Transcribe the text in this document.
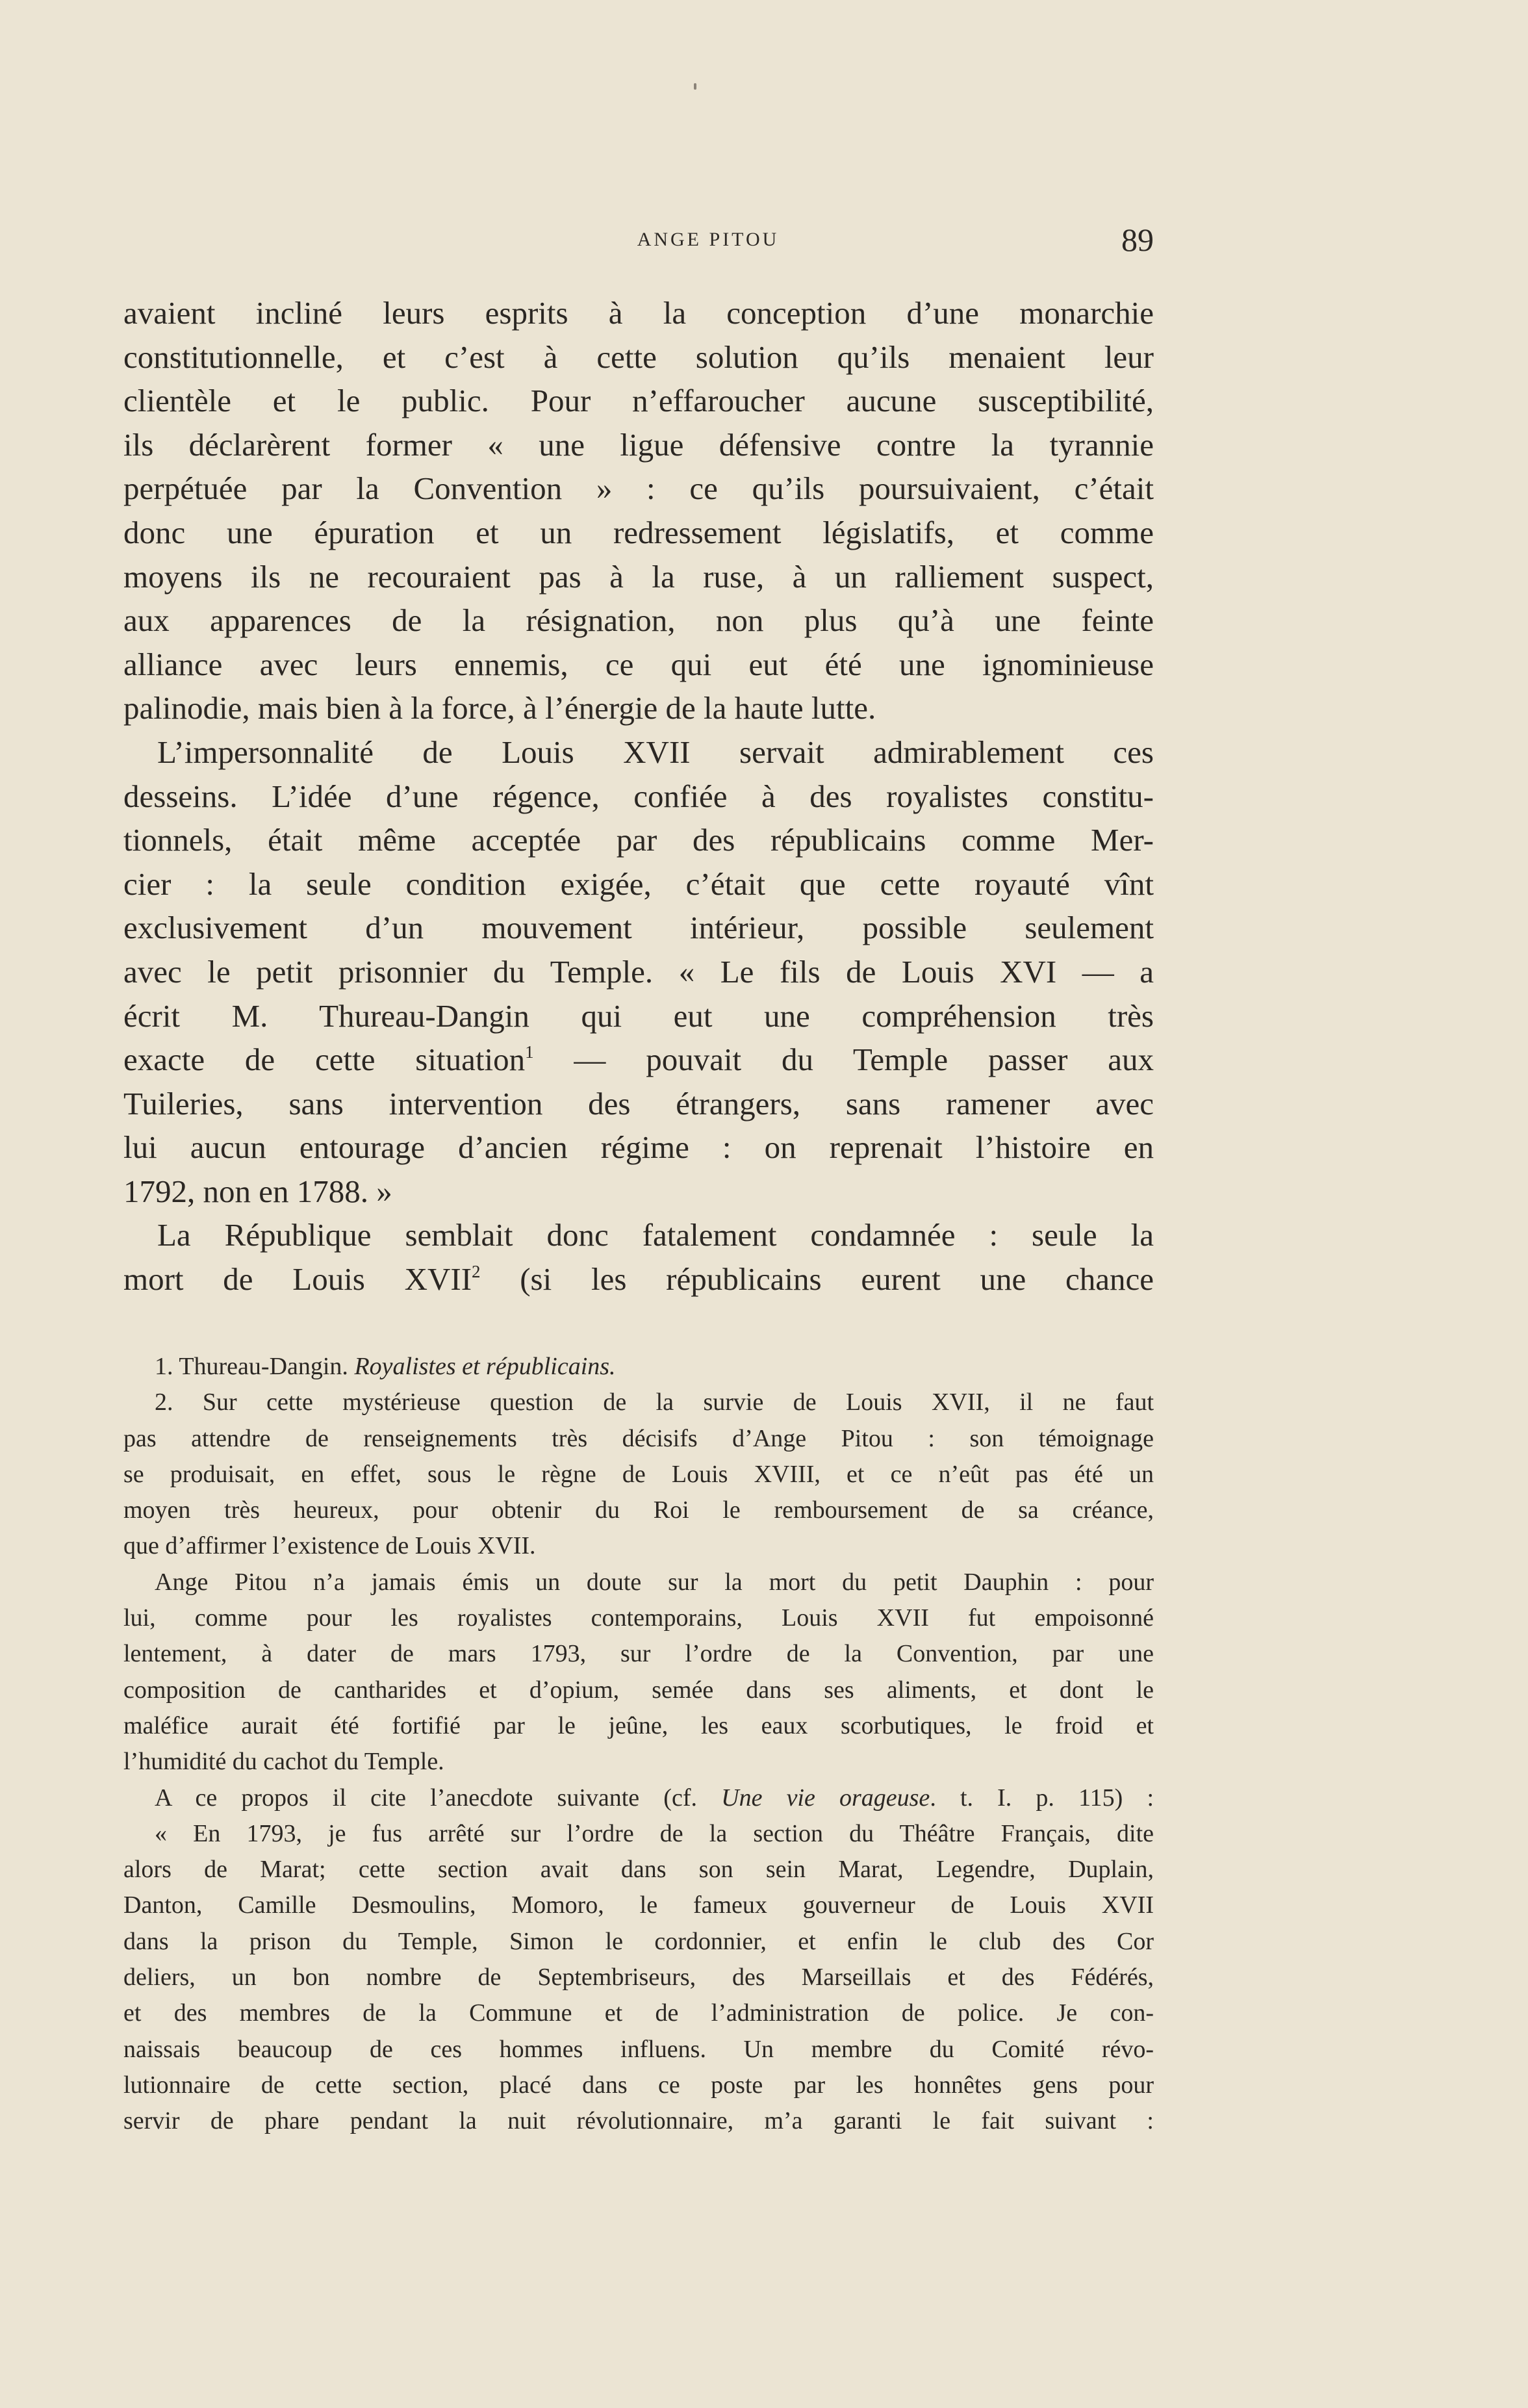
ANGE PITOU	89
avaient incliné leurs esprits à la conception d’une monarchie
constitutionnelle, et c’est à cette solution qu’ils menaient leur
clientèle et le public. Pour n’effaroucher aucune susceptibilité,
ils déclarèrent former « une ligue défensive contre la tyrannie
perpétuée par la Convention » : ce qu’ils poursuivaient, c’était
donc une épuration et un redressement législatifs, et comme
moyens ils ne recouraient pas à la ruse, à un ralliement suspect,
aux apparences de la résignation, non plus qu’à une feinte
alliance avec leurs ennemis, ce qui eut été une ignominieuse
palinodie, mais bien à la force, à l’énergie de la haute lutte.
L’impersonnalité de Louis XVII servait admirablement ces
desseins. L’idée d’une régence, confiée à des royalistes constitu-
tionnels, était même acceptée par des républicains comme Mer-
cier : la seule condition exigée, c’était que cette royauté vînt
exclusivement d’un mouvement intérieur, possible seulement
avec le petit prisonnier du Temple. « Le fils de Louis XVI — a
écrit M. Thureau-Dangin qui eut une compréhension très
exacte de cette situation$^1$ — pouvait du Temple passer aux
Tuileries, sans intervention des étrangers, sans ramener avec
lui aucun entourage d’ancien régime : on reprenait l’histoire en
1792, non en 1788. »
La République semblait donc fatalement condamnée : seule la
mort de Louis XVII$^2$ (si les républicains eurent une chance
1. Thureau-Dangin. Royalistes et républicains.
2. Sur cette mystérieuse question de la survie de Louis XVII, il ne faut
pas attendre de renseignements très décisifs d’Ange Pitou : son témoignage
se produisait, en effet, sous le règne de Louis XVIII, et ce n’eût pas été un
moyen très heureux, pour obtenir du Roi le remboursement de sa créance,
que d’affirmer l’existence de Louis XVII.
Ange Pitou n’a jamais émis un doute sur la mort du petit Dauphin : pour
lui, comme pour les royalistes contemporains, Louis XVII fut empoisonné
lentement, à dater de mars 1793, sur l’ordre de la Convention, par une
composition de cantharides et d’opium, semée dans ses aliments, et dont le
maléfice aurait été fortifié par le jeûne, les eaux scorbutiques, le froid et
l’humidité du cachot du Temple.
A ce propos il cite l’anecdote suivante (cf. Une vie orageuse. t. I. p. 115) :
« En 1793, je fus arrêté sur l’ordre de la section du Théâtre Français, dite
alors de Marat; cette section avait dans son sein Marat, Legendre, Duplain,
Danton, Camille Desmoulins, Momoro, le fameux gouverneur de Louis XVII
dans la prison du Temple, Simon le cordonnier, et enfin le club des Cor
deliers, un bon nombre de Septembriseurs, des Marseillais et des Fédérés,
et des membres de la Commune et de l’administration de police. Je con-
naissais beaucoup de ces hommes influens. Un membre du Comité révo-
lutionnaire de cette section, placé dans ce poste par les honnêtes gens pour
servir de phare pendant la nuit révolutionnaire, m’a garanti le fait suivant :
